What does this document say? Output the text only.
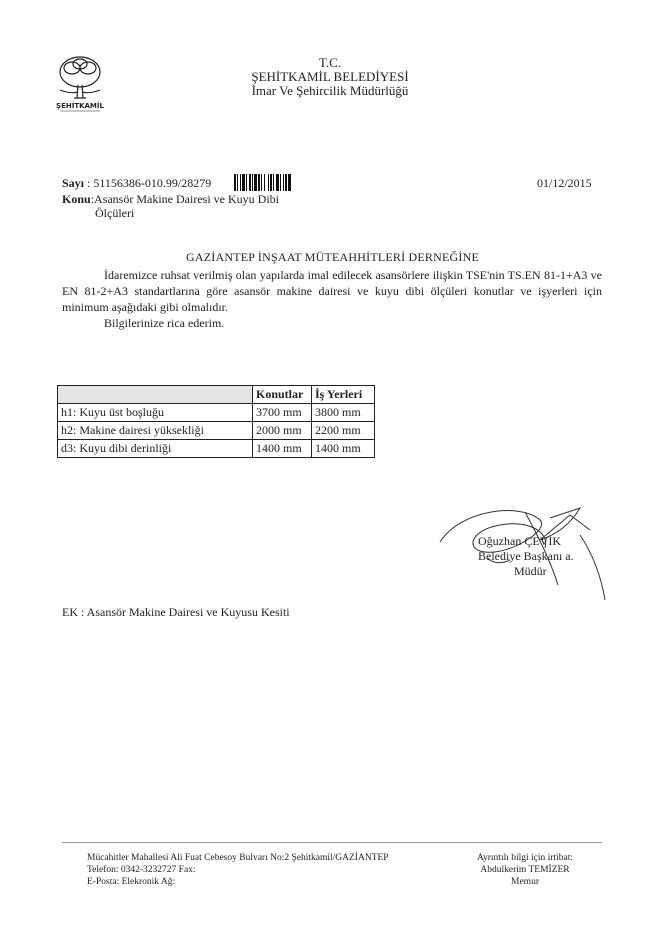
ŞEHİTKAMİL
T.C.
ŞEHİTKAMİL BELEDİYESİ
İmar Ve Şehircilik Müdürlüğü
Sayı : 51156386-010.99/28279	01/12/2015
Konu:Asansör Makine Dairesi ve Kuyu Dibi
Ölçüleri
GAZİANTEP İNŞAAT MÜTEAHHİTLERİ DERNEĞİNE
İdaremizce ruhsat verilmiş olan yapılarda imal edilecek asansörlere ilişkin TSE'nin TS.EN 81-1+A3 ve EN 81-2+A3 standartlarına göre asansör makine dairesi ve kuyu dibi ölçüleri konutlar ve işyerleri için minimum aşağıdaki gibi olmalıdır.
Bilgilerinize rica ederim.
	Konutlar	İş Yerleri
h1: Kuyu üst boşluğu	3700 mm	3800 mm
h2: Makine dairesi yüksekliği	2000 mm	2200 mm
d3: Kuyu dibi derinliği	1400 mm	1400 mm
Oğuzhan ÇEVİK
Belediye Başkanı a.
Müdür
EK : Asansör Makine Dairesi ve Kuyusu Kesiti
Mücahitler Mahallesi Ali Fuat Cebesoy Bulvarı No:2 Şehitkamil/GAZİANTEP
Telefon: 0342-3232727 Fax:
E-Posta: Elekronik Ağ:
Ayrıntılı bilgi için irtibat:
Abdulkerim TEMİZER
Memur
